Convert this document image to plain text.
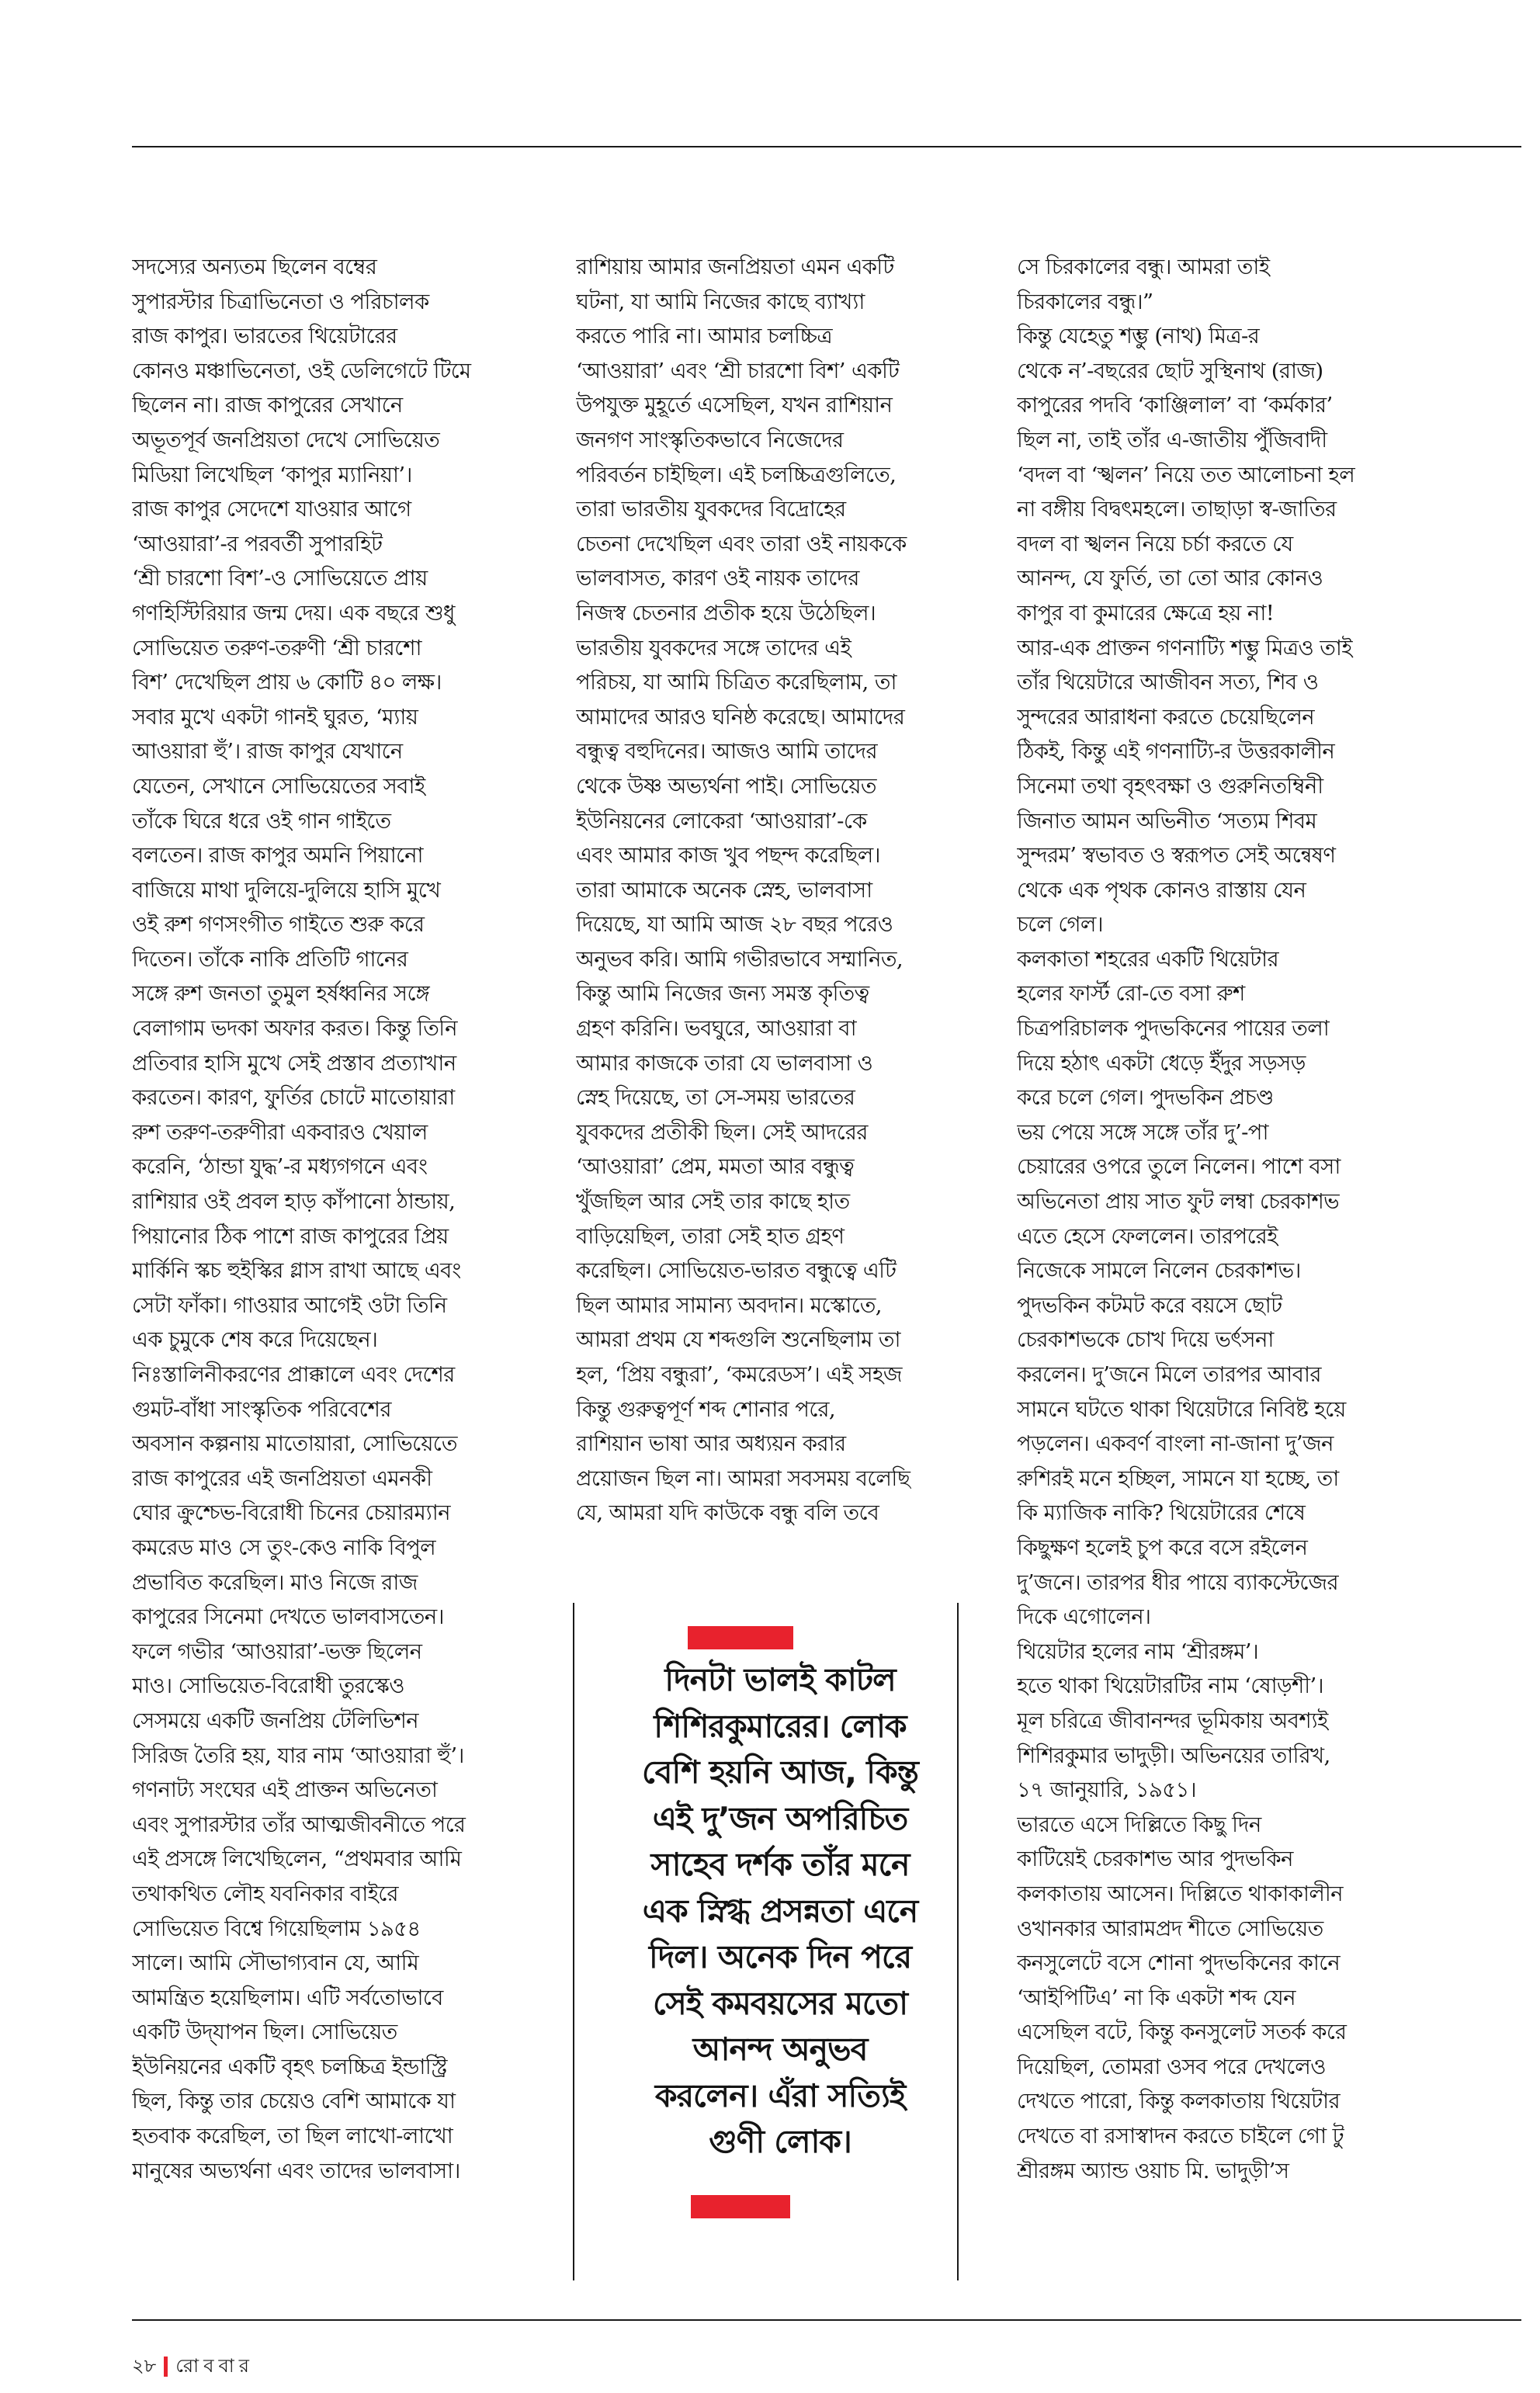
সদস্যের অন্যতম ছিলেন বম্বের

সুপারস্টার চিত্রাভিনেতা ও পরিচালক

রাজ কাপুর। ভারতের থিয়েটারের

কোনও মঞ্চাভিনেতা, ওই ডেলিগেটে টিমে

ছিলেন না। রাজ কাপুরের সেখানে

অভূতপূর্ব জনপ্রিয়তা দেখে সোভিয়েত

মিডিয়া লিখেছিল ‘কাপুর ম্যানিয়া’।

রাজ কাপুর সেদেশে যাওয়ার আগে

‘আওয়ারা’-র পরবর্তী সুপারহিট

‘শ্রী চারশো বিশ’-ও সোভিয়েতে প্রায়

গণহিস্টিরিয়ার জন্ম দেয়। এক বছরে শুধু

সোভিয়েত তরুণ-তরুণী ‘শ্রী চারশো

বিশ’ দেখেছিল প্রায় ৬ কোটি ৪০ লক্ষ।

সবার মুখে একটা গানই ঘুরত, ‘ম্যায়

আওয়ারা হুঁ’। রাজ কাপুর যেখানে

যেতেন, সেখানে সোভিয়েতের সবাই

তাঁকে ঘিরে ধরে ওই গান গাইতে

বলতেন। রাজ কাপুর অমনি পিয়ানো

বাজিয়ে মাথা দুলিয়ে-দুলিয়ে হাসি মুখে

ওই রুশ গণসংগীত গাইতে শুরু করে

দিতেন। তাঁকে নাকি প্রতিটি গানের

সঙ্গে রুশ জনতা তুমুল হর্ষধ্বনির সঙ্গে

বেলাগাম ভদকা অফার করত। কিন্তু তিনি

প্রতিবার হাসি মুখে সেই প্রস্তাব প্রত্যাখান

করতেন। কারণ, ফুর্তির চোটে মাতোয়ারা

রুশ তরুণ-তরুণীরা একবারও খেয়াল

করেনি, ‘ঠান্ডা যুদ্ধ’-র মধ্যগগনে এবং

রাশিয়ার ওই প্রবল হাড় কাঁপানো ঠান্ডায়,

পিয়ানোর ঠিক পাশে রাজ কাপুরের প্রিয়

মার্কিনি স্কচ হুইস্কির গ্লাস রাখা আছে এবং

সেটা ফাঁকা। গাওয়ার আগেই ওটা তিনি

এক চুমুকে শেষ করে দিয়েছেন।

নিঃস্তালিনীকরণের প্রাক্কালে এবং দেশের

গুমট-বাঁধা সাংস্কৃতিক পরিবেশের

অবসান কল্পনায় মাতোয়ারা, সোভিয়েতে

রাজ কাপুরের এই জনপ্রিয়তা এমনকী

ঘোর ক্রুশ্চেভ-বিরোধী চিনের চেয়ারম্যান

কমরেড মাও সে তুং-কেও নাকি বিপুল

প্রভাবিত করেছিল। মাও নিজে রাজ

কাপুরের সিনেমা দেখতে ভালবাসতেন।

ফলে গভীর ‘আওয়ারা’-ভক্ত ছিলেন

মাও। সোভিয়েত-বিরোধী তুরস্কেও

সেসময়ে একটি জনপ্রিয় টেলিভিশন

সিরিজ তৈরি হয়, যার নাম ‘আওয়ারা হুঁ’।

গণনাট্য সংঘের এই প্রাক্তন অভিনেতা

এবং সুপারস্টার তাঁর আত্মজীবনীতে পরে

এই প্রসঙ্গে লিখেছিলেন, “প্রথমবার আমি

তথাকথিত লৌহ যবনিকার বাইরে

সোভিয়েত বিশ্বে গিয়েছিলাম ১৯৫৪

সালে। আমি সৌভাগ্যবান যে, আমি

আমন্ত্রিত হয়েছিলাম। এটি সর্বতোভাবে

একটি উদ্‌যাপন ছিল। সোভিয়েত

ইউনিয়নের একটি বৃহৎ চলচ্চিত্র ইন্ডাস্ট্রি

ছিল, কিন্তু তার চেয়েও বেশি আমাকে যা

হতবাক করেছিল, তা ছিল লাখো-লাখো

মানুষের অভ্যর্থনা এবং তাদের ভালবাসা।

রাশিয়ায় আমার জনপ্রিয়তা এমন একটি

ঘটনা, যা আমি নিজের কাছে ব্যাখ্যা

করতে পারি না। আমার চলচ্চিত্র

‘আওয়ারা’ এবং ‘শ্রী চারশো বিশ’ একটি

উপযুক্ত মুহূর্তে এসেছিল, যখন রাশিয়ান

জনগণ সাংস্কৃতিকভাবে নিজেদের

পরিবর্তন চাইছিল। এই চলচ্চিত্রগুলিতে,

তারা ভারতীয় যুবকদের বিদ্রোহের

চেতনা দেখেছিল এবং তারা ওই নায়ককে

ভালবাসত, কারণ ওই নায়ক তাদের

নিজস্ব চেতনার প্রতীক হয়ে উঠেছিল।

ভারতীয় যুবকদের সঙ্গে তাদের এই

পরিচয়, যা আমি চিত্রিত করেছিলাম, তা

আমাদের আরও ঘনিষ্ঠ করেছে। আমাদের

বন্ধুত্ব বহুদিনের। আজও আমি তাদের

থেকে উষ্ণ অভ্যর্থনা পাই। সোভিয়েত

ইউনিয়নের লোকেরা ‘আওয়ারা’-কে

এবং আমার কাজ খুব পছন্দ করেছিল।

তারা আমাকে অনেক স্নেহ, ভালবাসা

দিয়েছে, যা আমি আজ ২৮ বছর পরেও

অনুভব করি। আমি গভীরভাবে সম্মানিত,

কিন্তু আমি নিজের জন্য সমস্ত কৃতিত্ব

গ্রহণ করিনি। ভবঘুরে, আওয়ারা বা

আমার কাজকে তারা যে ভালবাসা ও

স্নেহ দিয়েছে, তা সে-সময় ভারতের

যুবকদের প্রতীকী ছিল। সেই আদরের

‘আওয়ারা’ প্রেম, মমতা আর বন্ধুত্ব

খুঁজছিল আর সেই তার কাছে হাত

বাড়িয়েছিল, তারা সেই হাত গ্রহণ

করেছিল। সোভিয়েত-ভারত বন্ধুত্বে এটি

ছিল আমার সামান্য অবদান। মস্কোতে,

আমরা প্রথম যে শব্দগুলি শুনেছিলাম তা

হল, ‘প্রিয় বন্ধুরা’, ‘কমরেডস’। এই সহজ

কিন্তু গুরুত্বপূর্ণ শব্দ শোনার পরে,

রাশিয়ান ভাষা আর অধ্যয়ন করার

প্রয়োজন ছিল না। আমরা সবসময় বলেছি

যে, আমরা যদি কাউকে বন্ধু বলি তবে

সে চিরকালের বন্ধু। আমরা তাই

চিরকালের বন্ধু।”

কিন্তু যেহেতু শম্ভু (নাথ) মিত্র-র

থেকে ন’-বছরের ছোট সুস্থিনাথ (রাজ)

কাপুরের পদবি ‘কাঞ্জিলাল’ বা ‘কর্মকার’

ছিল না, তাই তাঁর এ-জাতীয় পুঁজিবাদী

‘বদল বা ‘স্খলন’ নিয়ে তত আলোচনা হল

না বঙ্গীয় বিদ্বৎমহলে। তাছাড়া স্ব-জাতির

বদল বা স্খলন নিয়ে চর্চা করতে যে

আনন্দ, যে ফুর্তি, তা তো আর কোনও

কাপুর বা কুমারের ক্ষেত্রে হয় না!

আর-এক প্রাক্তন গণনাট্যি শম্ভু মিত্রও তাই

তাঁর থিয়েটারে আজীবন সত্য, শিব ও

সুন্দরের আরাধনা করতে চেয়েছিলেন

ঠিকই, কিন্তু এই গণনাট্যি-র উত্তরকালীন

সিনেমা তথা বৃহৎবক্ষা ও গুরুনিতম্বিনী

জিনাত আমন অভিনীত ‘সত্যম শিবম

সুন্দরম’ স্বভাবত ও স্বরূপত সেই অন্বেষণ

থেকে এক পৃথক কোনও রাস্তায় যেন

চলে গেল।

কলকাতা শহরের একটি থিয়েটার

হলের ফার্স্ট রো-তে বসা রুশ

চিত্রপরিচালক পুদভকিনের পায়ের তলা

দিয়ে হঠাৎ একটা ধেড়ে ইঁদুর সড়সড়

করে চলে গেল। পুদভকিন প্রচণ্ড

ভয় পেয়ে সঙ্গে সঙ্গে তাঁর দু’-পা

চেয়ারের ওপরে তুলে নিলেন। পাশে বসা

অভিনেতা প্রায় সাত ফুট লম্বা চেরকাশভ

এতে হেসে ফেললেন। তারপরেই

নিজেকে সামলে নিলেন চেরকাশভ।

পুদভকিন কটমট করে বয়সে ছোট

চেরকাশভকে চোখ দিয়ে ভর্ৎসনা

করলেন। দু’জনে মিলে তারপর আবার

সামনে ঘটতে থাকা থিয়েটারে নিবিষ্ট হয়ে

পড়লেন। একবর্ণ বাংলা না-জানা দু’জন

রুশিরই মনে হচ্ছিল, সামনে যা হচ্ছে, তা

কি ম্যাজিক নাকি? থিয়েটারের শেষে

কিছুক্ষণ হলেই চুপ করে বসে রইলেন

দু’জনে। তারপর ধীর পায়ে ব্যাকস্টেজের

দিকে এগোলেন।

থিয়েটার হলের নাম ‘শ্রীরঙ্গম’।

হতে থাকা থিয়েটারটির নাম ‘ষোড়শী’।

মূল চরিত্রে জীবানন্দর ভূমিকায় অবশ্যই

শিশিরকুমার ভাদুড়ী। অভিনয়ের তারিখ,

১৭ জানুয়ারি, ১৯৫১।

ভারতে এসে দিল্লিতে কিছু দিন

কাটিয়েই চেরকাশভ আর পুদভকিন

কলকাতায় আসেন। দিল্লিতে থাকাকালীন

ওখানকার আরামপ্রদ শীতে সোভিয়েত

কনসুলেটে বসে শোনা পুদভকিনের কানে

‘আইপিটিএ’ না কি একটা শব্দ যেন

এসেছিল বটে, কিন্তু কনসুলেট সতর্ক করে

দিয়েছিল, তোমরা ওসব পরে দেখলেও

দেখতে পারো, কিন্তু কলকাতায় থিয়েটার

দেখতে বা রসাস্বাদন করতে চাইলে গো টু

শ্রীরঙ্গম অ্যান্ড ওয়াচ মি. ভাদুড়ী’স

দিনটা ভালই কাটল

শিশিরকুমারের। লোক

বেশি হয়নি আজ, কিন্তু

এই দু’জন অপরিচিত

সাহেব দর্শক তাঁর মনে

এক স্নিগ্ধ প্রসন্নতা এনে

দিল। অনেক দিন পরে

সেই কমবয়সের মতো

আনন্দ অনুভব

করলেন। এঁরা সত্যিই

গুণী লোক।

২৮ রোববার
